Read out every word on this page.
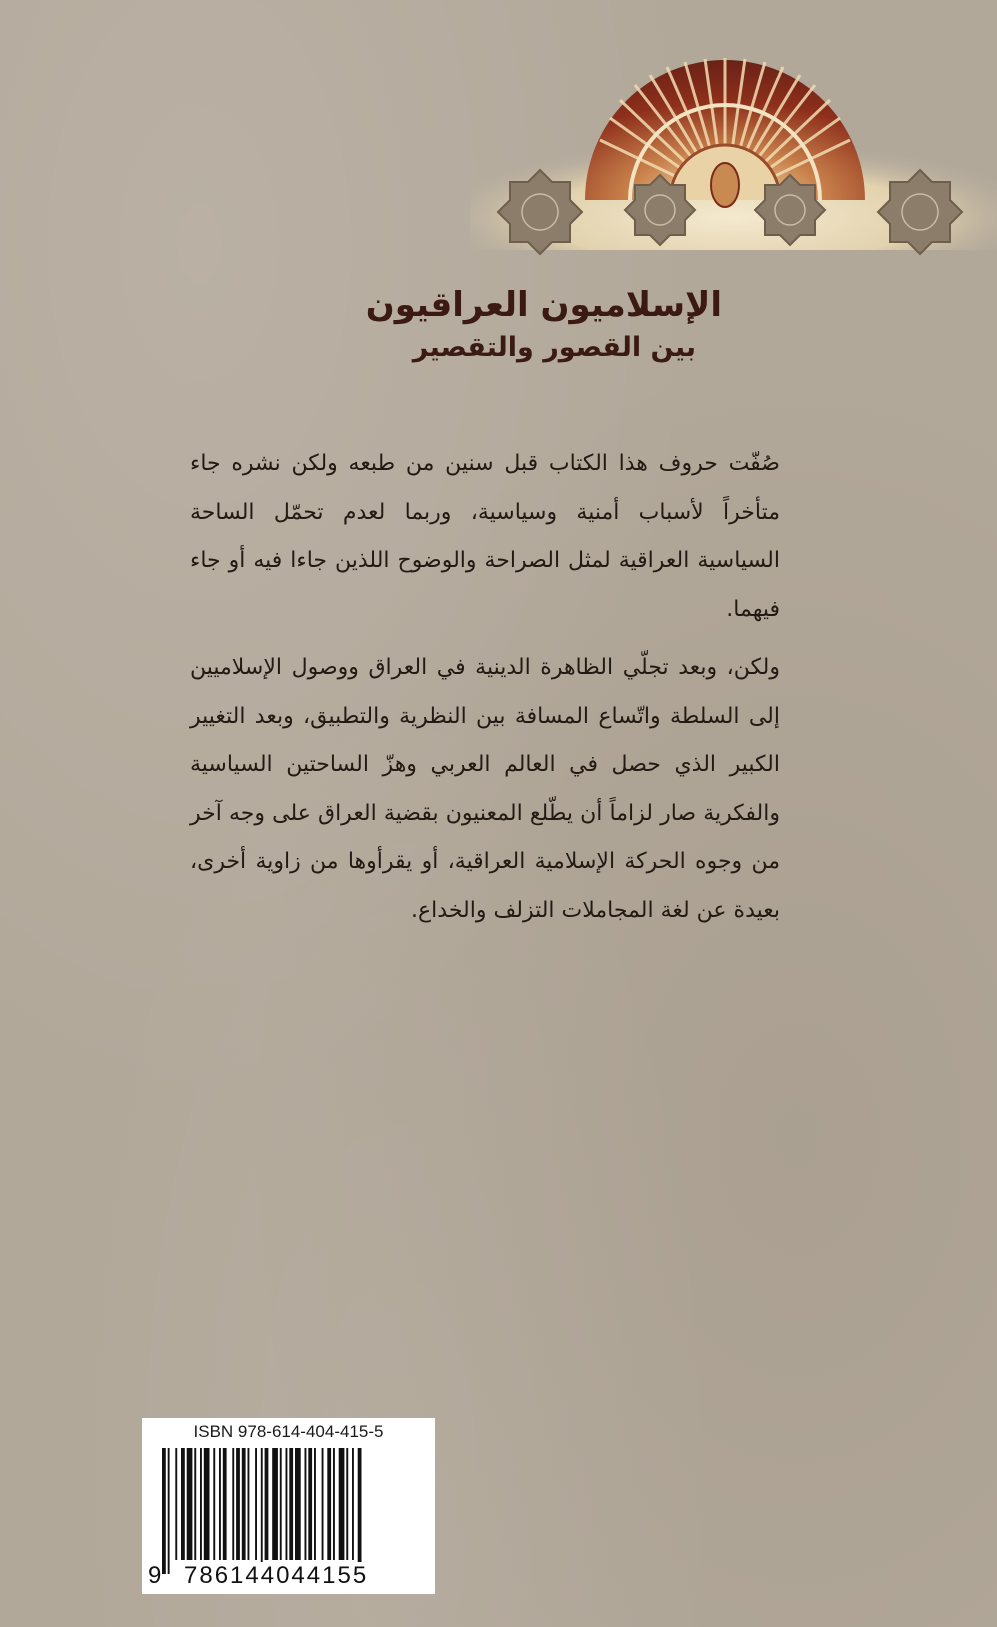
الإسلاميون العراقيون
بين القصور والتقصير

صُفّت حروف هذا الكتاب قبل سنين من طبعه ولكن نشره جاء متأخراً لأسباب أمنية وسياسية، وربما لعدم تحمّل الساحة السياسية العراقية لمثل الصراحة والوضوح اللذين جاءا فيه أو جاء فيهما.

ولكن، وبعد تجلّي الظاهرة الدينية في العراق ووصول الإسلاميين إلى السلطة واتّساع المسافة بين النظرية والتطبيق، وبعد التغيير الكبير الذي حصل في العالم العربي وهزّ الساحتين السياسية والفكرية صار لزاماً أن يطّلع المعنيون بقضية العراق على وجه آخر من وجوه الحركة الإسلامية العراقية، أو يقرأوها من زاوية أخرى، بعيدة عن لغة المجاملات التزلف والخداع.

ISBN 978-614-404-415-5
9 786144044155
